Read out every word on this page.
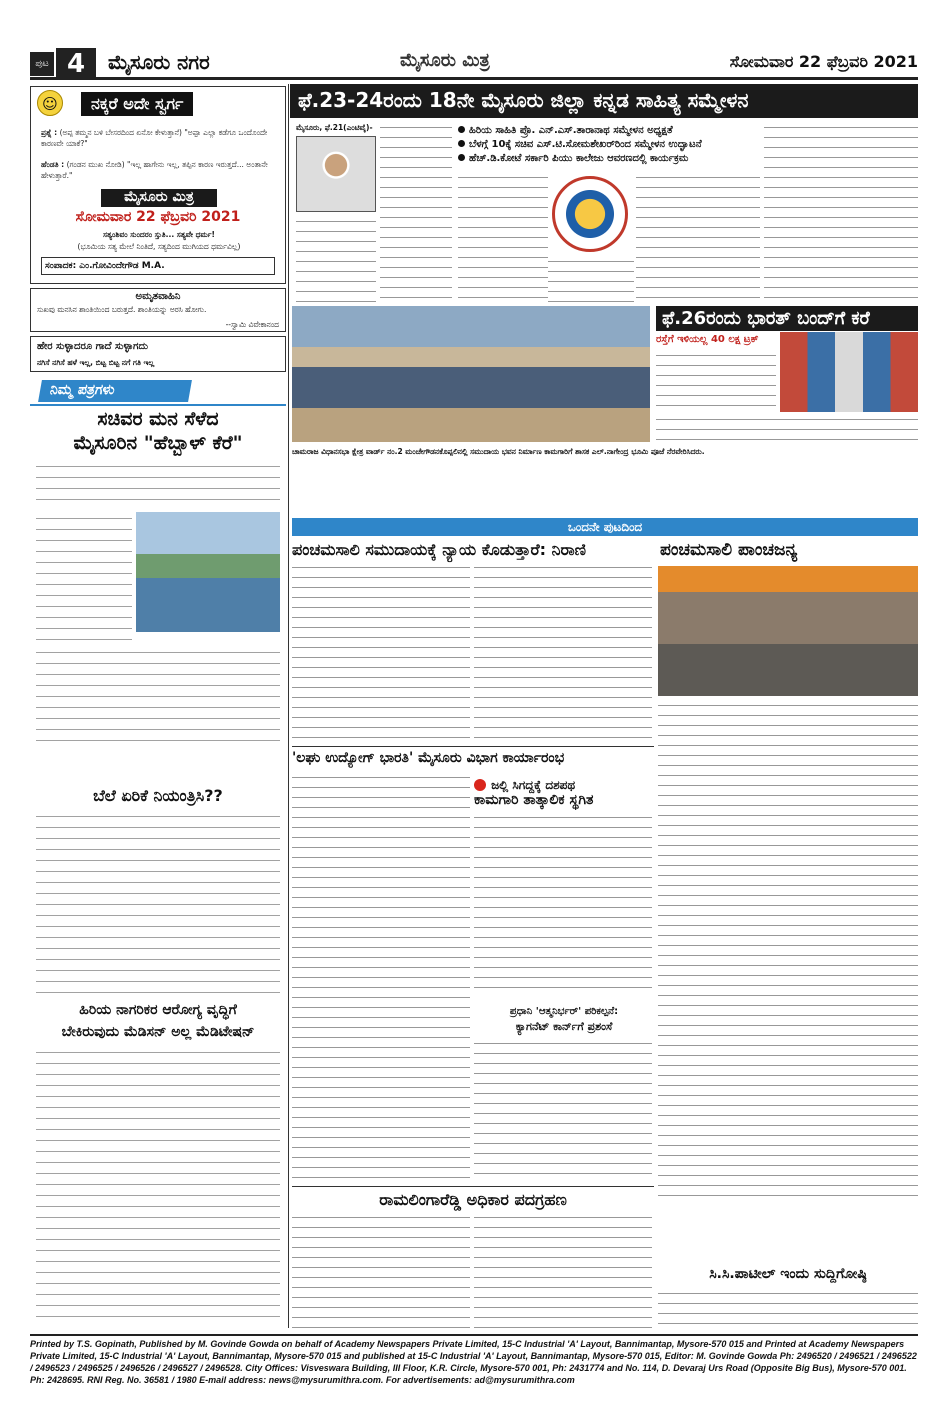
ಪುಟ 4	ಮೈಸೂರು ನಗರ	ಮೈಸೂರು ಮಿತ್ರ	ಸೋಮವಾರ 22 ಫೆಬ್ರವರಿ 2021
☺	ನಕ್ಕರೆ ಅದೇ ಸ್ವರ್ಗ
ಪ್ರಶ್ನೆ : (ಅಪ್ಪ ತಮ್ಮನ ಬಳಿ ಬೇಸರದಿಂದ ಏನೋ ಕೇಳುತ್ತಾನೆ) "ಅಪ್ಪಾ ಎಲ್ಲಾ ಕಡೆಗೂ ಒಂದೊಂದೇ ಕಾರಣವೇ ಯಾಕೆ?"
ಹೆಂಡತಿ : (ಗಂಡನ ಮುಖ ನೋಡಿ) "ಇಲ್ಲ ಹಾಗೇನು ಇಲ್ಲ, ತಪ್ಪಿನ ಕಾರಣ ಇರುತ್ತದೆ... ಅಂತಾನೇ ಹೇಳುತ್ತಾರೆ."
ಮೈಸೂರು ಮಿತ್ರ
ಸೋಮವಾರ 22 ಫೆಬ್ರವರಿ 2021
ಸತ್ಯಂಶಿವಂ ಸುಂದರಂ ಸ್ತುತಿ... ಸತ್ಯವೇ ಧರ್ಮ!
(ಭೂಮಿಯ ಸತ್ಯ ಮೇಲೆ ನಿಂತಿದೆ, ಸತ್ಯದಿಂದ ಮುಗಿಯದ ಧರ್ಮವಿಲ್ಲ)
ಸಂಪಾದಕ: ಎಂ.ಗೋವಿಂದೇಗೌಡ M.A.
ಅಮೃತವಾಹಿನಿ
ಸುಖವು ಮನಸಿನ ಶಾಂತಿಯಿಂದ ಬರುತ್ತದೆ. ಶಾಂತಿಯನ್ನು ಅರಸಿ ಹೋಗು.
--ಸ್ವಾಮಿ ವಿವೇಕಾನಂದ
ಹೇರ ಸುಳ್ಳಾದರೂ ಗಾದೆ ಸುಳ್ಳಾಗದು
ನಗಿಸೆ ನಗಿಸೆ ಹಳೆ ಇಲ್ಲ, ಬಿಟ್ಟ ಬಿಟ್ಟ ನಗೆ ಗತಿ ಇಲ್ಲ
ನಿಮ್ಮ ಪತ್ರಗಳು
ಸಚಿವರ ಮನ ಸೆಳೆದ
ಮೈಸೂರಿನ "ಹೆಬ್ಬಾಳ್ ಕೆರೆ"
ಬೆಲೆ ಏರಿಕೆ ನಿಯಂತ್ರಿಸಿ??
ಹಿರಿಯ ನಾಗರಿಕರ ಆರೋಗ್ಯ ವೃದ್ಧಿಗೆ
ಬೇಕಿರುವುದು ಮೆಡಿಸನ್ ಅಲ್ಲ ಮೆಡಿಟೇಷನ್
ಫೆ.23-24ರಂದು 18ನೇ ಮೈಸೂರು ಜಿಲ್ಲಾ ಕನ್ನಡ ಸಾಹಿತ್ಯ ಸಮ್ಮೇಳನ
ಮೈಸೂರು, ಫೆ.21(ಎಂಟಿವೈ)-	ಹಿರಿಯ ಸಾಹಿತಿ ಪ್ರೊ. ಎನ್.ಎಸ್.ತಾರಾನಾಥ ಸಮ್ಮೇಳನ ಅಧ್ಯಕ್ಷತೆ
ಬೆಳಗ್ಗೆ 10ಕ್ಕೆ ಸಚಿವ ಎಸ್.ಟಿ.ಸೋಮಶೇಖರ್‌ರಿಂದ ಸಮ್ಮೇಳನ ಉದ್ಘಾಟನೆ
ಹೆಚ್.ಡಿ.ಕೋಟೆ ಸರ್ಕಾರಿ ಪಿಯು ಕಾಲೇಜು ಆವರಣದಲ್ಲಿ ಕಾರ್ಯಕ್ರಮ
ಚಾಮರಾಜ ವಿಧಾನಸಭಾ ಕ್ಷೇತ್ರ ವಾರ್ಡ್ ನಂ.2 ಮಂಚೇಗೌಡನಕೊಪ್ಪಲಿನಲ್ಲಿ ಸಮುದಾಯ ಭವನ ನಿರ್ಮಾಣ ಕಾಮಗಾರಿಗೆ ಶಾಸಕ ಎಲ್.ನಾಗೇಂದ್ರ ಭೂಮಿ ಪೂಜೆ ನೆರವೇರಿಸಿದರು.
ಫೆ.26ರಂದು ಭಾರತ್ ಬಂದ್‌ಗೆ ಕರೆ
ರಸ್ತೆಗೆ ಇಳಿಯಲ್ಲ 40 ಲಕ್ಷ ಟ್ರಕ್
ಒಂದನೇ ಪುಟದಿಂದ
ಪಂಚಮಸಾಲಿ ಸಮುದಾಯಕ್ಕೆ ನ್ಯಾಯ ಕೊಡುತ್ತಾರೆ: ನಿರಾಣಿ	ಪಂಚಮಸಾಲಿ ಪಾಂಚಜನ್ಯ
'ಲಘು ಉದ್ಯೋಗ್ ಭಾರತಿ' ಮೈಸೂರು ವಿಭಾಗ ಕಾರ್ಯಾರಂಭ
ಜಲ್ಲಿ ಸಿಗದ್ದಕ್ಕೆ ದಶಪಥ
ಕಾಮಗಾರಿ ತಾತ್ಕಾಲಿಕ ಸ್ಥಗಿತ
ಪ್ರಧಾನಿ 'ಆತ್ಮನಿರ್ಭರ್' ಪರಿಕಲ್ಪನೆ:
ಕ್ಯಾಗನೆಟ್ ಕಾರ್ನ್‌ಗೆ ಪ್ರಶಂಸೆ
ರಾಮಲಿಂಗಾರೆಡ್ಡಿ ಅಧಿಕಾರ ಪದಗ್ರಹಣ
ಸಿ.ಸಿ.ಪಾಟೀಲ್ ಇಂದು ಸುದ್ದಿಗೋಷ್ಠಿ
Printed by T.S. Gopinath, Published by M. Govinde Gowda on behalf of Academy Newspapers Private Limited, 15-C Industrial 'A' Layout, Bannimantap, Mysore-570 015 and Printed at Academy Newspapers Private Limited, 15-C Industrial 'A' Layout, Bannimantap, Mysore-570 015 and published at 15-C Industrial 'A' Layout, Bannimantap, Mysore-570 015, Editor: M. Govinde Gowda Ph: 2496520 / 2496521 / 2496522 / 2496523 / 2496525 / 2496526 / 2496527 / 2496528. City Offices: Visveswara Building, III Floor, K.R. Circle, Mysore-570 001, Ph: 2431774 and No. 114, D. Devaraj Urs Road (Opposite Big Bus), Mysore-570 001. Ph: 2428695. RNI Reg. No. 36581 / 1980 E-mail address: news@mysurumithra.com. For advertisements: ad@mysurumithra.com
